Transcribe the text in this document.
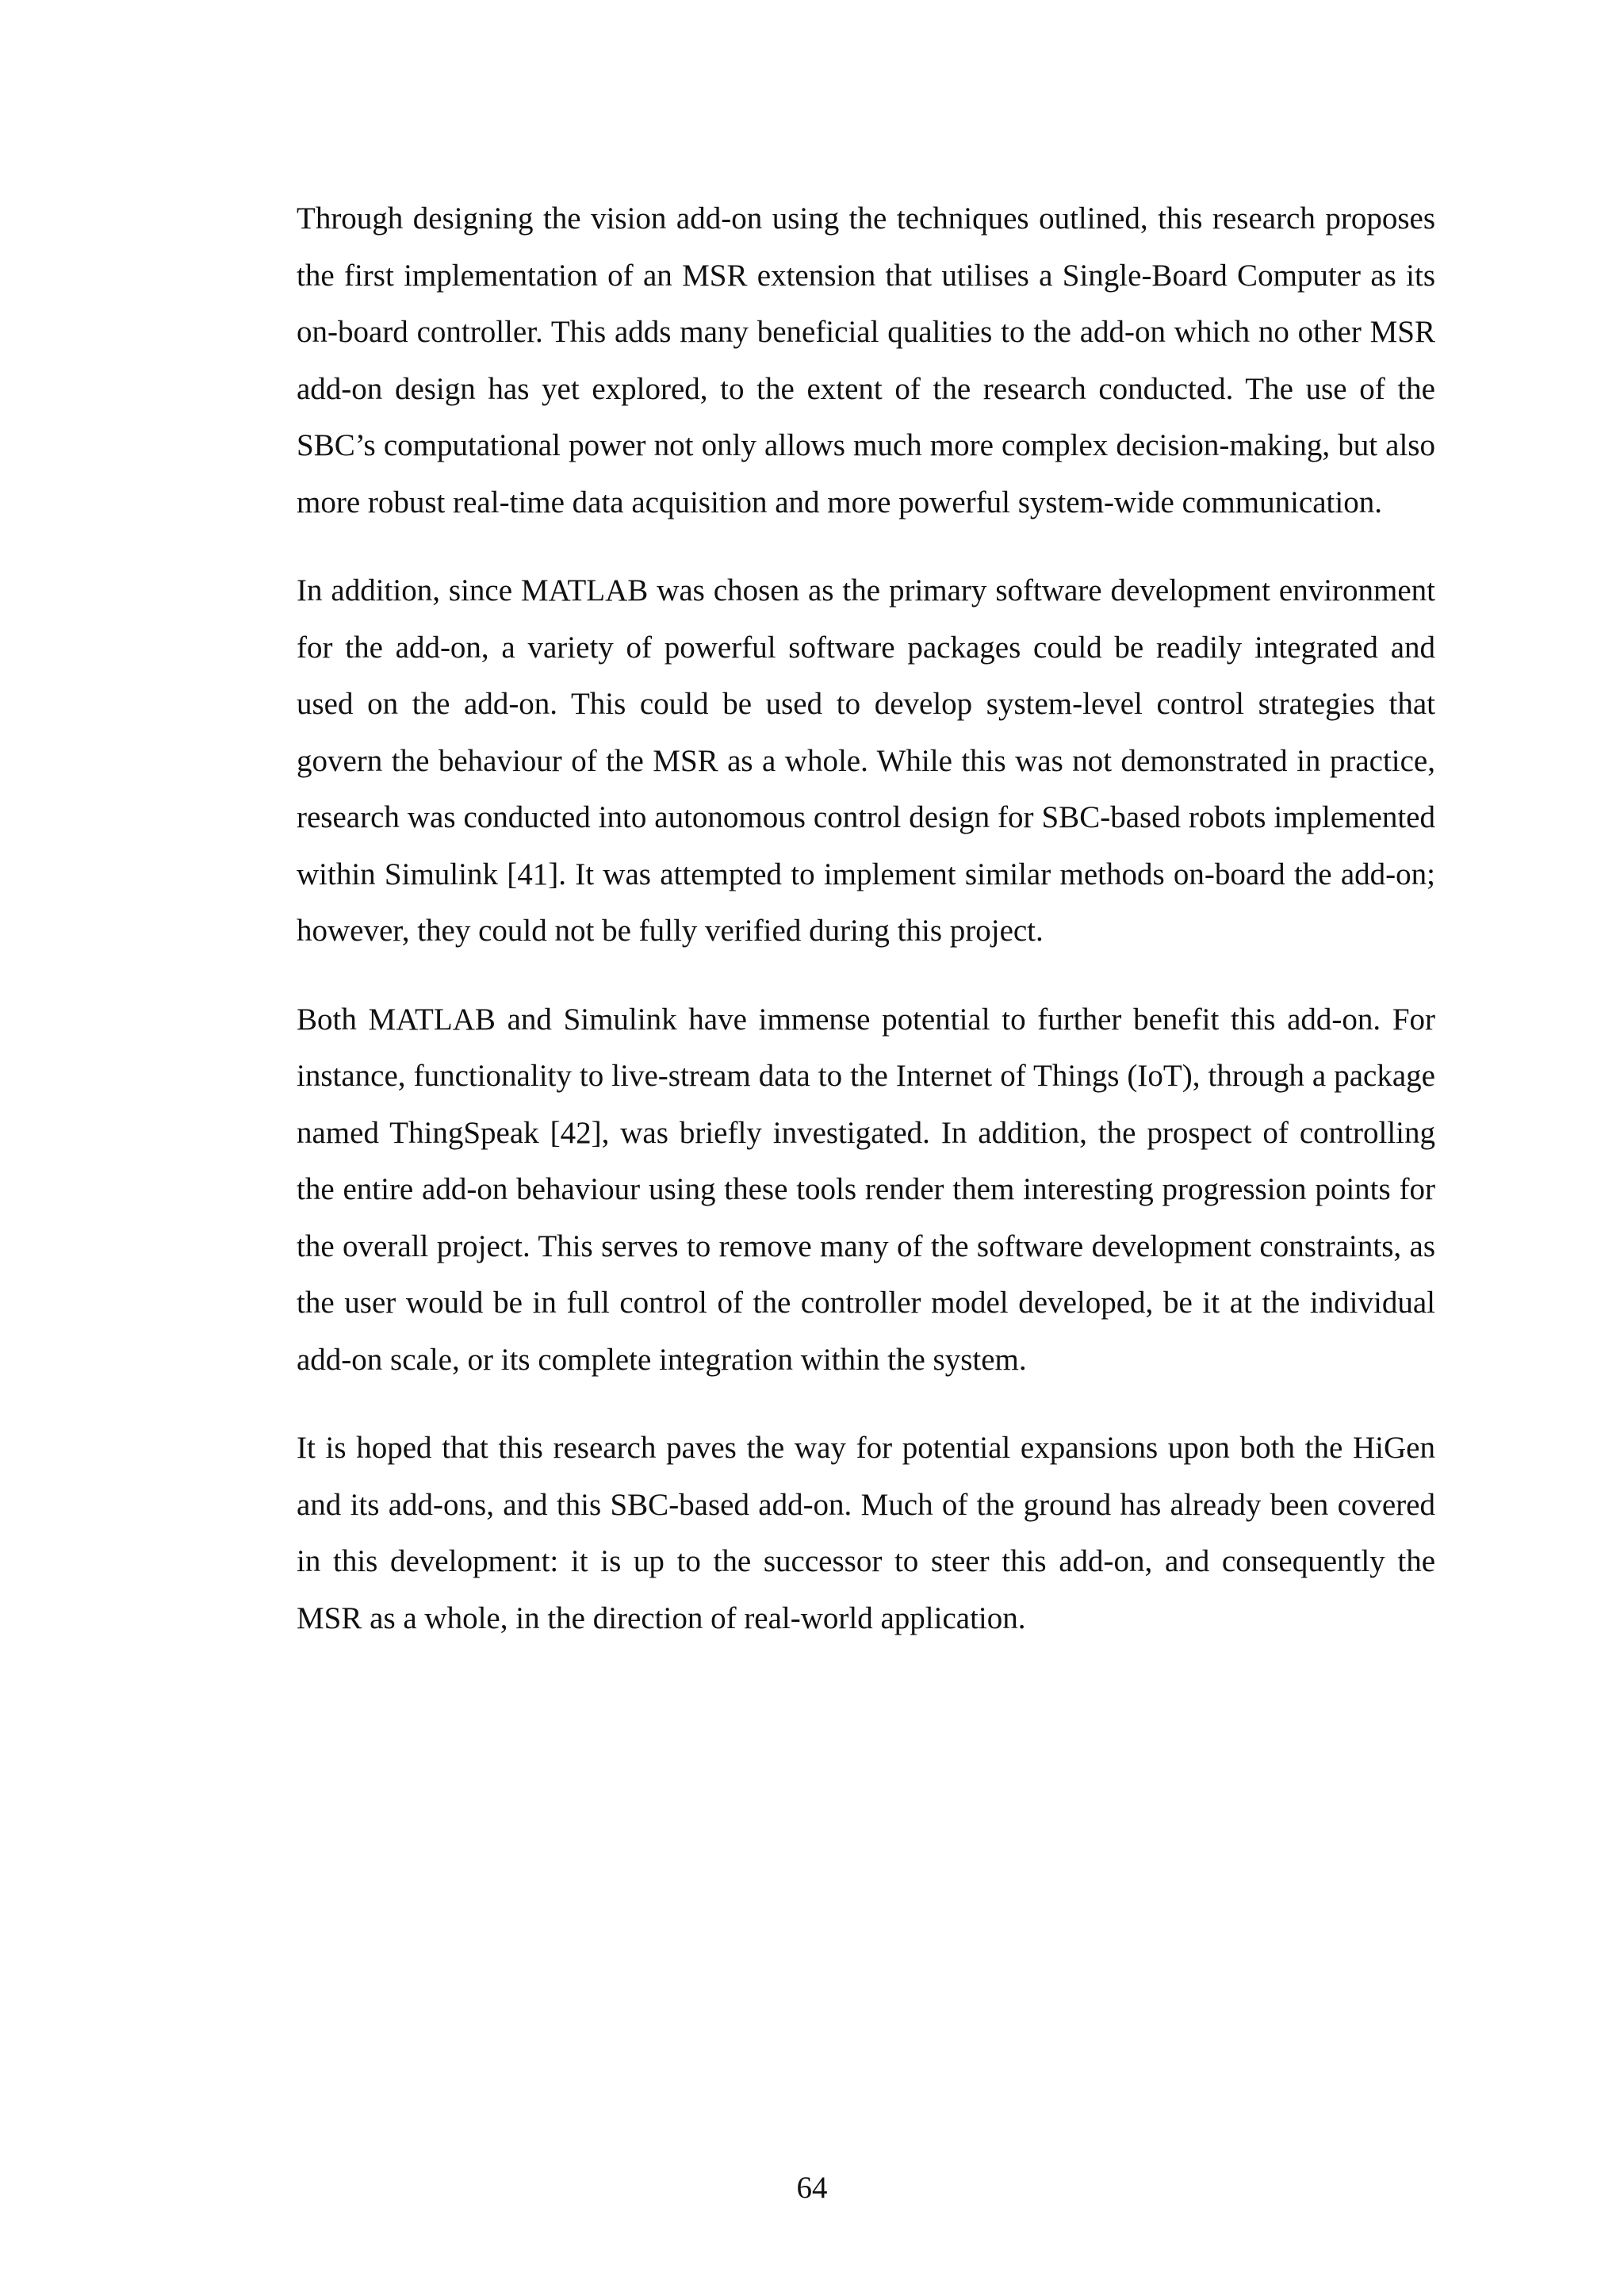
Through designing the vision add-on using the techniques outlined, this research proposes the first implementation of an MSR extension that utilises a Single-Board Computer as its on-board controller. This adds many beneficial qualities to the add-on which no other MSR add-on design has yet explored, to the extent of the research conducted. The use of the SBC’s computational power not only allows much more complex decision-making, but also more robust real-time data acquisition and more powerful system-wide communication.

In addition, since MATLAB was chosen as the primary software development environment for the add-on, a variety of powerful software packages could be readily integrated and used on the add-on. This could be used to develop system-level control strategies that govern the behaviour of the MSR as a whole. While this was not demonstrated in practice, research was conducted into autonomous control design for SBC-based robots implemented within Simulink [41]. It was attempted to implement similar methods on-board the add-on; however, they could not be fully verified during this project.

Both MATLAB and Simulink have immense potential to further benefit this add-on. For instance, functionality to live-stream data to the Internet of Things (IoT), through a package named ThingSpeak [42], was briefly investigated. In addition, the prospect of controlling the entire add-on behaviour using these tools render them interesting progression points for the overall project. This serves to remove many of the software development constraints, as the user would be in full control of the controller model developed, be it at the individual add-on scale, or its complete integration within the system.

It is hoped that this research paves the way for potential expansions upon both the HiGen and its add-ons, and this SBC-based add-on. Much of the ground has already been covered in this development: it is up to the successor to steer this add-on, and consequently the MSR as a whole, in the direction of real-world application.

64
